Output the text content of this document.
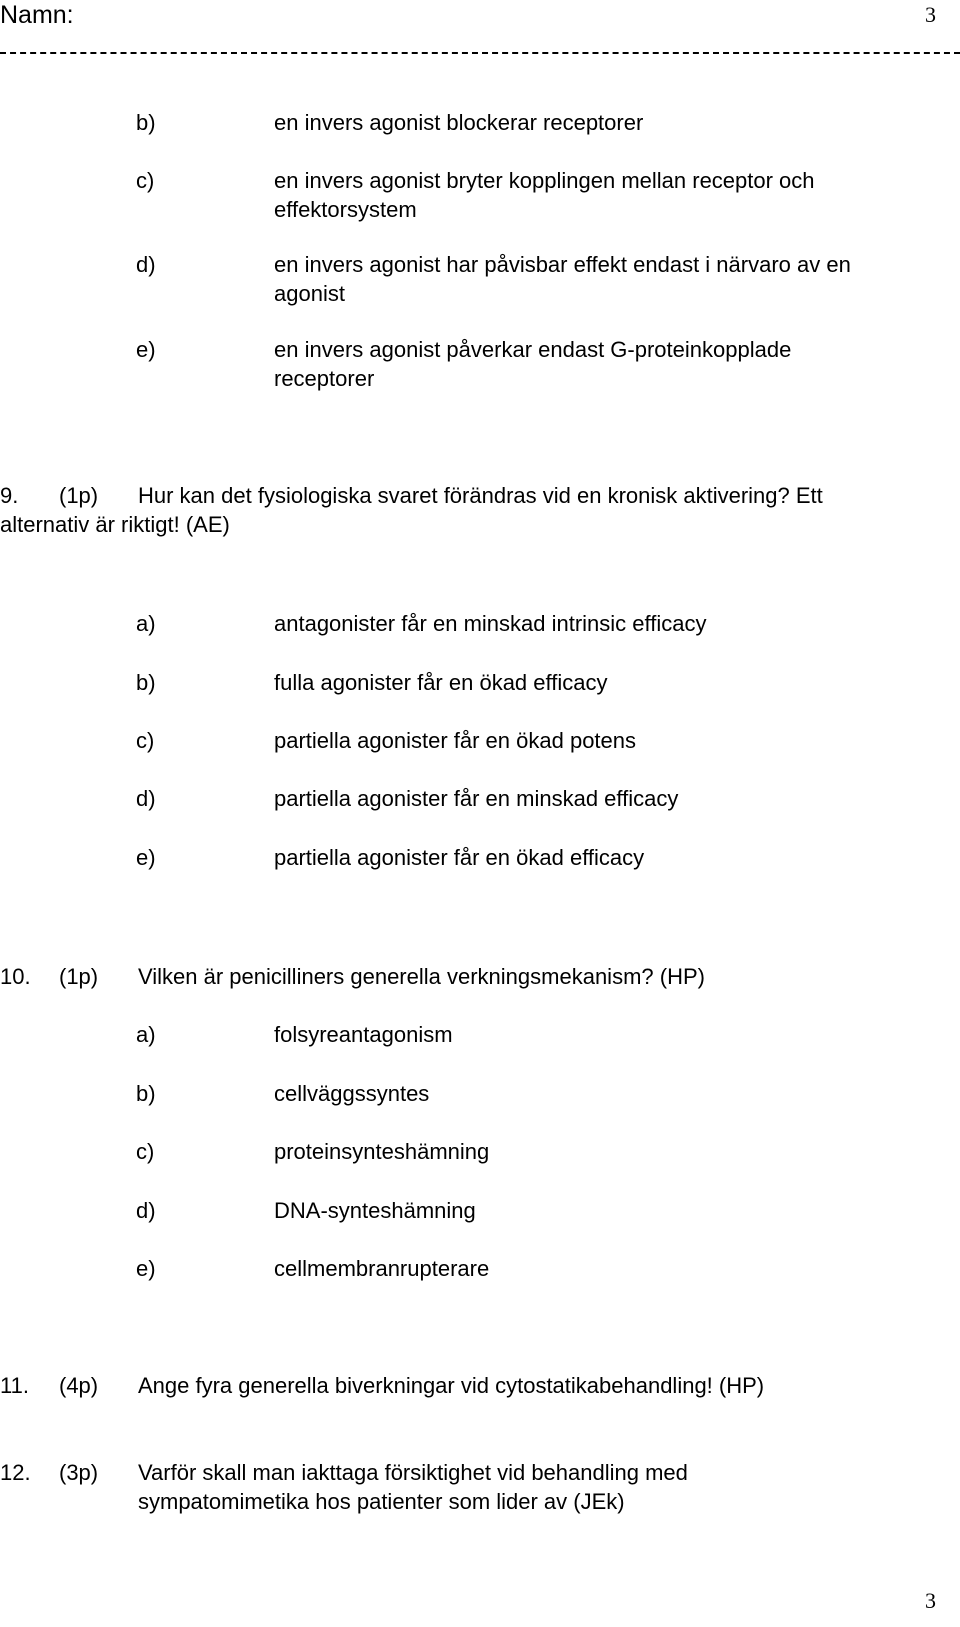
Namn:	3
b)	en invers agonist blockerar receptorer
c)	en invers agonist bryter kopplingen mellan receptor och
effektorsystem
d)	en invers agonist har påvisbar effekt endast i närvaro av en
agonist
e)	en invers agonist påverkar endast G-proteinkopplade
receptorer
9. (1p) Hur kan det fysiologiska svaret förändras vid en kronisk aktivering? Ett
alternativ är riktigt! (AE)
a)	antagonister får en minskad intrinsic efficacy
b)	fulla agonister får en ökad efficacy
c)	partiella agonister får en ökad potens
d)	partiella agonister får en minskad efficacy
e)	partiella agonister får en ökad efficacy
10. (1p) Vilken är penicilliners generella verkningsmekanism? (HP)
a)	folsyreantagonism
b)	cellväggssyntes
c)	proteinsynteshämning
d)	DNA-synteshämning
e)	cellmembranrupterare
11. (4p) Ange fyra generella biverkningar vid cytostatikabehandling! (HP)
12. (3p) Varför skall man iakttaga försiktighet vid behandling med
sympatomimetika hos patienter som lider av (JEk)
3
